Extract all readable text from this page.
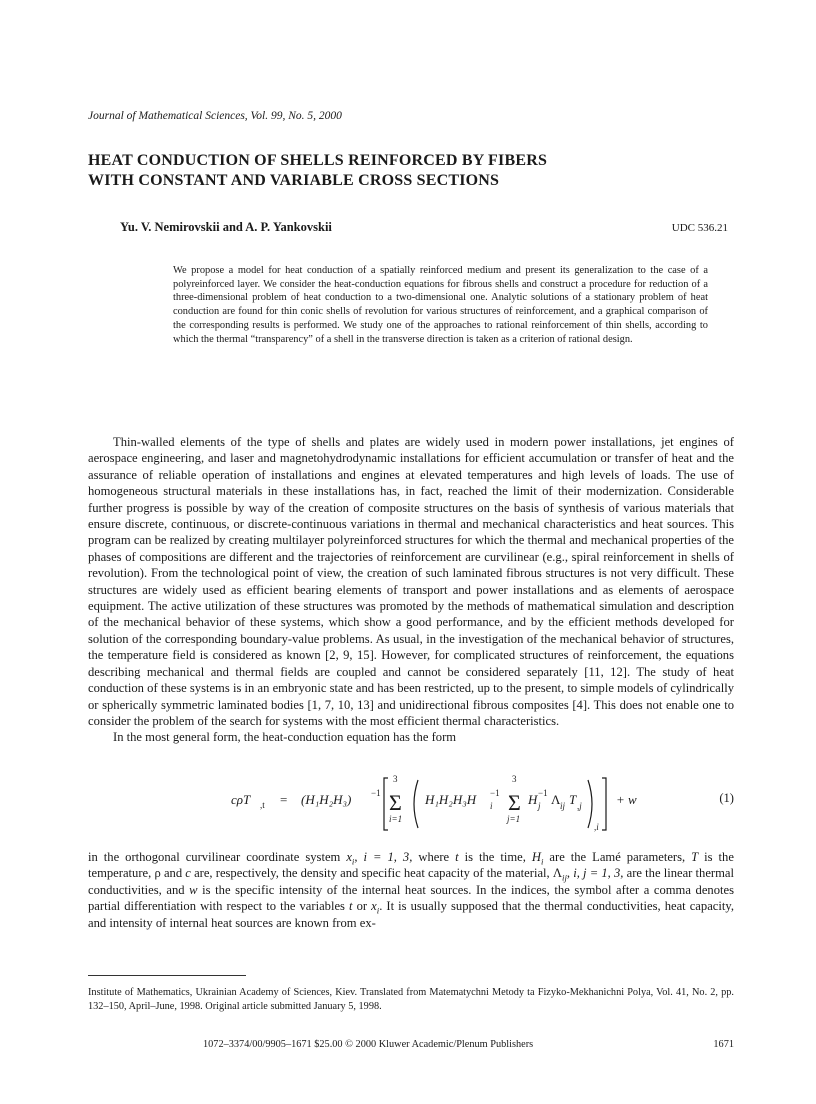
Journal of Mathematical Sciences, Vol. 99, No. 5, 2000
HEAT CONDUCTION OF SHELLS REINFORCED BY FIBERS
WITH CONSTANT AND VARIABLE CROSS SECTIONS
Yu. V. Nemirovskii and A. P. Yankovskii	UDC 536.21
We propose a model for heat conduction of a spatially reinforced medium and present its generalization to the case of a polyreinforced layer. We consider the heat-conduction equations for fibrous shells and construct a procedure for reduction of a three-dimensional problem of heat conduction to a two-dimensional one. Analytic solutions of a stationary problem of heat conduction are found for thin conic shells of revolution for various structures of reinforcement, and a graphical comparison of the corresponding results is performed. We study one of the approaches to rational reinforcement of thin shells, according to which the thermal “transparency” of a shell in the transverse direction is taken as a criterion of rational design.

Thin-walled elements of the type of shells and plates are widely used in modern power installations, jet engines of aerospace engineering, and laser and magnetohydrodynamic installations for efficient accumulation or transfer of heat and the assurance of reliable operation of installations and engines at elevated temperatures and high levels of loads. The use of homogeneous structural materials in these installations has, in fact, reached the limit of their modernization. Considerable further progress is possible by way of the creation of composite structures on the basis of synthesis of various materials that ensure discrete, continuous, or discrete-continuous variations in thermal and mechanical characteristics and heat sources. This program can be realized by creating multilayer polyreinforced structures for which the thermal and mechanical properties of the phases of compositions are different and the trajectories of reinforcement are curvilinear (e.g., spiral reinforcement in shells of revolution). From the technological point of view, the creation of such laminated fibrous structures is not very difficult. These structures are widely used as efficient bearing elements of transport and power installations and as elements of aerospace equipment. The active utilization of these structures was promoted by the methods of mathematical simulation and description of the mechanical behavior of these systems, which show a good performance, and by the efficient methods developed for solution of the corresponding boundary-value problems. As usual, in the investigation of the mechanical behavior of structures, the temperature field is considered as known [2, 9, 15]. However, for complicated structures of reinforcement, the equations describing mechanical and thermal fields are coupled and cannot be considered separately [11, 12]. The study of heat conduction of these systems is in an embryonic state and has been restricted, up to the present, to simple models of cylindrically or spherically symmetric laminated bodies [1, 7, 10, 13] and unidirectional fibrous composites [4]. This does not enable one to consider the problem of the search for systems with the most efficient thermal characteristics.

In the most general form, the heat-conduction equation has the form

cρT ,t = (H₁H₂H₃) −1
3
Σ
i=1
H₁H₂H₃H i
−1
3
Σ
j=1
H j
−1 Λ ij T ,j
,i
+ w	(1)
in the orthogonal curvilinear coordinate system $x_i$, i = 1, 3, where t is the time, $H_i$ are the Lamé parameters, T is the temperature, ρ and c are, respectively, the density and specific heat capacity of the material, $\Lambda_{ij}$, i, j = 1, 3, are the linear thermal conductivities, and w is the specific intensity of the internal heat sources. In the indices, the symbol after a comma denotes partial differentiation with respect to the variables t or $x_i$. It is usually supposed that the thermal conductivities, heat capacity, and intensity of internal heat sources are known from ex-
Institute of Mathematics, Ukrainian Academy of Sciences, Kiev. Translated from Matematychni Metody ta Fizyko-Mekhanichni Polya, Vol. 41, No. 2, pp. 132–150, April–June, 1998. Original article submitted January 5, 1998.
1072–3374/00/9905–1671 $25.00 © 2000 Kluwer Academic/Plenum Publishers	1671
